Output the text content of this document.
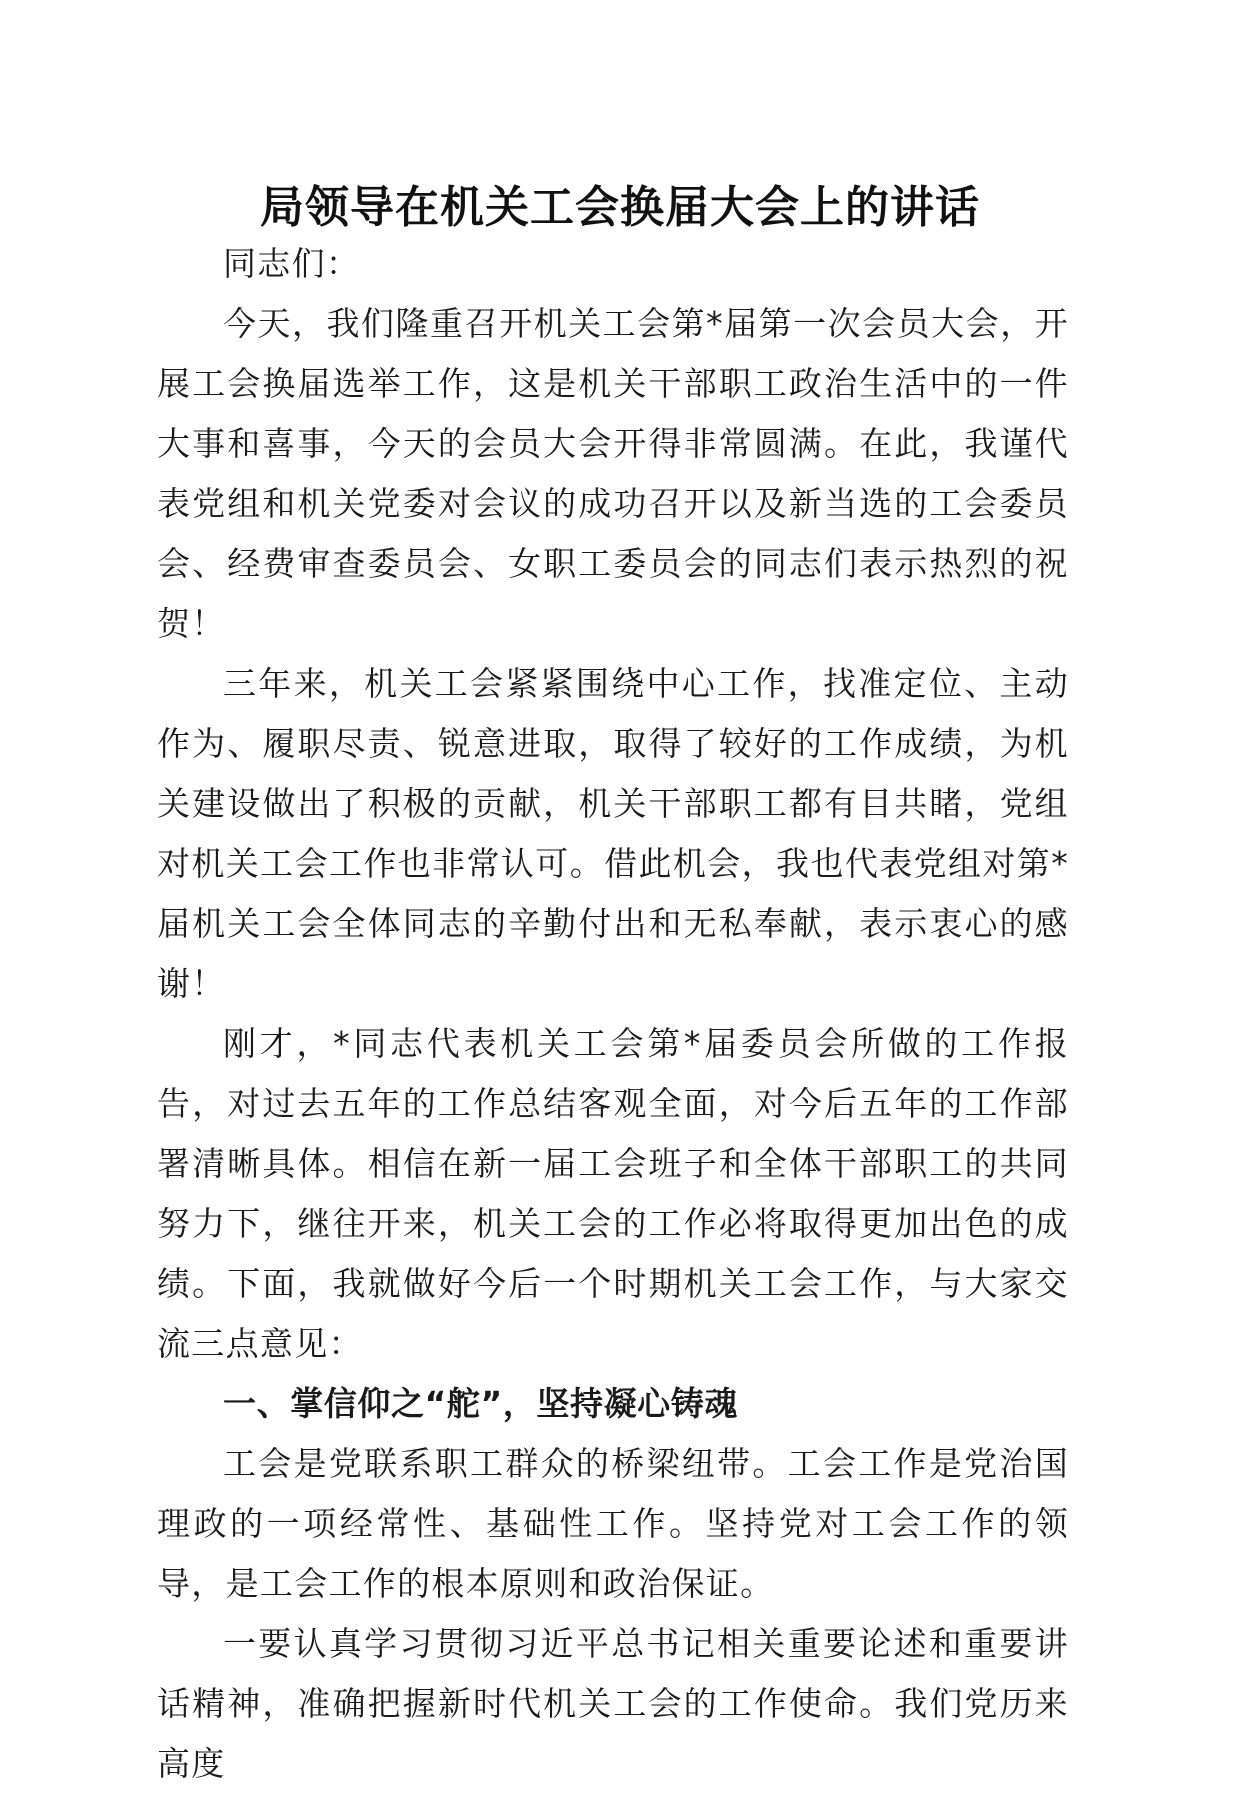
局领导在机关工会换届大会上的讲话

同志们：

今天，我们隆重召开机关工会第*届第一次会员大会，开展工会换届选举工作，这是机关干部职工政治生活中的一件大事和喜事，今天的会员大会开得非常圆满。在此，我谨代表党组和机关党委对会议的成功召开以及新当选的工会委员会、经费审查委员会、女职工委员会的同志们表示热烈的祝贺！

三年来，机关工会紧紧围绕中心工作，找准定位、主动作为、履职尽责、锐意进取，取得了较好的工作成绩，为机关建设做出了积极的贡献，机关干部职工都有目共睹，党组对机关工会工作也非常认可。借此机会，我也代表党组对第*届机关工会全体同志的辛勤付出和无私奉献，表示衷心的感谢！

刚才，*同志代表机关工会第*届委员会所做的工作报告，对过去五年的工作总结客观全面，对今后五年的工作部署清晰具体。相信在新一届工会班子和全体干部职工的共同努力下，继往开来，机关工会的工作必将取得更加出色的成绩。下面，我就做好今后一个时期机关工会工作，与大家交流三点意见：

一、掌信仰之“舵”，坚持凝心铸魂

工会是党联系职工群众的桥梁纽带。工会工作是党治国理政的一项经常性、基础性工作。坚持党对工会工作的领导，是工会工作的根本原则和政治保证。

一要认真学习贯彻习近平总书记相关重要论述和重要讲话精神，准确把握新时代机关工会的工作使命。我们党历来高度
